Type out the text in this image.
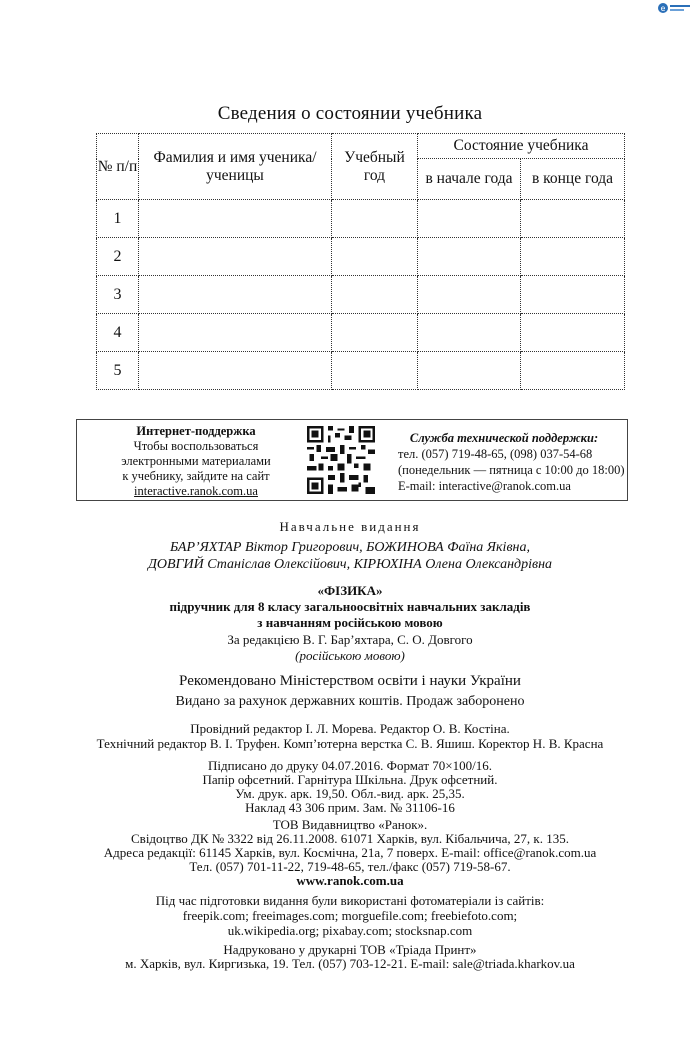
e
Сведения о состоянии учебника
№ п/п	Фамилия и имя ученика/ученицы	Учебный год	Состояние учебника	
			в начале года	в конце года
1				
2				
3				
4				
5				
Интернет-поддержка
Чтобы воспользоваться
электронными материалами
к учебнику, зайдите на сайт
interactive.ranok.com.ua
Служба технической поддержки:
тел. (057) 719-48-65, (098) 037-54-68
(понедельник — пятница с 10:00 до 18:00)
E-mail: interactive@ranok.com.ua
Навчальне видання
БАР’ЯХТАР Віктор Григорович, БОЖИНОВА Фаїна Яківна,
ДОВГИЙ Станіслав Олексійович, КІРЮХІНА Олена Олександрівна
«ФІЗИКА»
підручник для 8 класу загальноосвітніх навчальних закладів
з навчанням російською мовою
За редакцією В. Г. Бар’яхтара, С. О. Довгого
(російською мовою)
Рекомендовано Міністерством освіти і науки України
Видано за рахунок державних коштів. Продаж заборонено
Провідний редактор І. Л. Морева. Редактор О. В. Костіна.
Технічний редактор В. І. Труфен. Комп’ютерна верстка С. В. Яшиш. Коректор Н. В. Красна
Підписано до друку 04.07.2016. Формат 70×100/16.
Папір офсетний. Гарнітура Шкільна. Друк офсетний.
Ум. друк. арк. 19,50. Обл.-вид. арк. 25,35.
Наклад 43 306 прим. Зам. № 31106-16
ТОВ Видавництво «Ранок».
Свідоцтво ДК № 3322 від 26.11.2008. 61071 Харків, вул. Кібальчича, 27, к. 135.
Адреса редакції: 61145 Харків, вул. Космічна, 21а, 7 поверх. E-mail: office@ranok.com.ua
Тел. (057) 701-11-22, 719-48-65, тел./факс (057) 719-58-67.
www.ranok.com.ua
Під час підготовки видання були використані фотоматеріали із сайтів:
freepik.com; freeimages.com; morguefile.com; freebiefoto.com;
uk.wikipedia.org; pixabay.com; stocksnap.com
Надруковано у друкарні ТОВ «Тріада Принт»
м. Харків, вул. Киргизька, 19. Тел. (057) 703-12-21. E-mail: sale@triada.kharkov.ua
